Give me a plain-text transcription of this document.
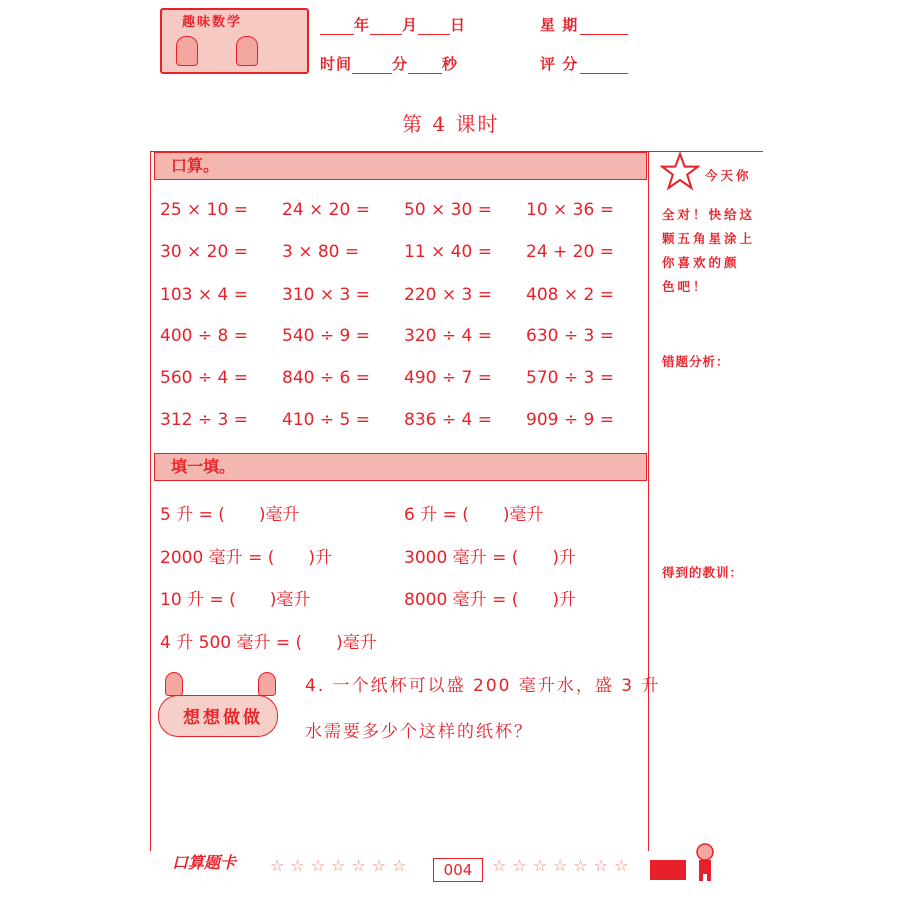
趣味数学	年 月 日	星 期
时间	分 秒	评 分
第 4 课时
口算。
25 × 10 = 24 × 20 = 50 × 30 = 10 × 36 =
30 × 20 = 3 × 80 =	11 × 40 = 24 + 20 =
103 × 4 = 310 × 3 = 220 × 3 = 408 × 2 =
400 ÷ 8 = 540 ÷ 9 = 320 ÷ 4 = 630 ÷ 3 =
560 ÷ 4 = 840 ÷ 6 = 490 ÷ 7 = 570 ÷ 3 =
312 ÷ 3 = 410 ÷ 5 = 836 ÷ 4 = 909 ÷ 9 =
填一填。
5 升 = (　　)毫升	6 升 = (　　)毫升
2000 毫升 = (　　)升	3000 毫升 = (　　)升
10 升 = (　　)毫升	8000 毫升 = (　　)升
4 升 500 毫升 = (　　)毫升
想想做做
4. 一个纸杯可以盛 200 毫升水，盛 3 升
水需要多少个这样的纸杯？
今天你
全对！快给这
颗五角星涂上
你喜欢的颜
色吧！
错题分析：
得到的教训：
口算题卡 ☆☆☆☆☆☆☆	004	☆☆☆☆☆☆☆
